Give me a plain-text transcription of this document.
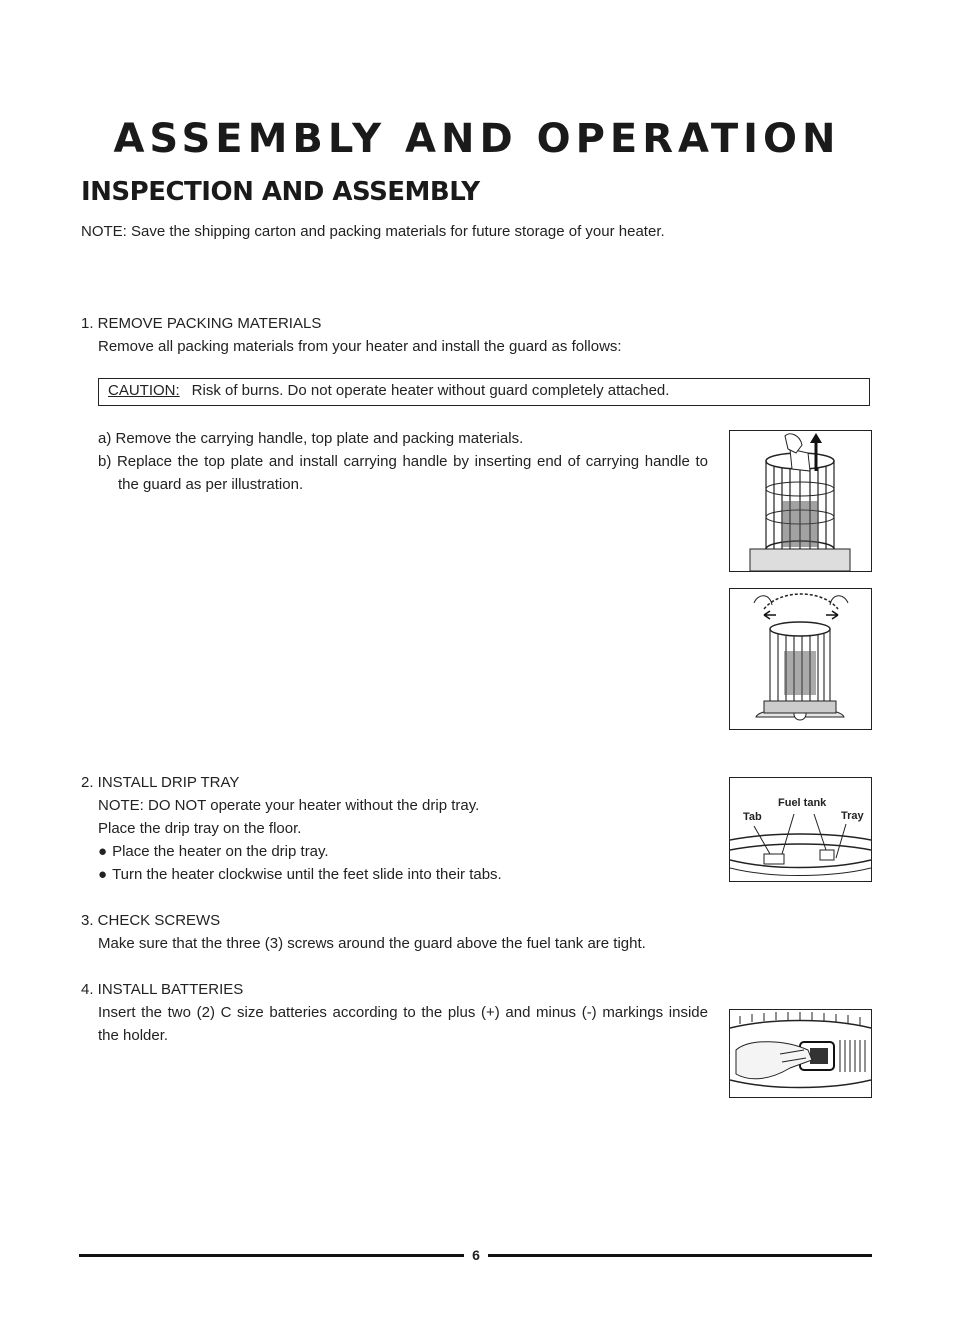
ASSEMBLY AND OPERATION
INSPECTION AND ASSEMBLY
NOTE: Save the shipping carton and packing materials for future storage of your heater.
1. REMOVE PACKING MATERIALS
Remove all packing materials from your heater and install the guard as follows:
CAUTION: Risk of burns. Do not operate heater without guard completely attached.
a) Remove the carrying handle, top plate and packing materials.
b) Replace the top plate and install carrying handle by inserting end of carrying handle to the guard as per illustration.
2. INSTALL DRIP TRAY
NOTE: DO NOT operate your heater without the drip tray.
Place the drip tray on the floor.
● Place the heater on the drip tray.
● Turn the heater clockwise until the feet slide into their tabs.
Fuel tank
Tab	Tray
3. CHECK SCREWS
Make sure that the three (3) screws around the guard above the fuel tank are tight.
4. INSTALL BATTERIES
Insert the two (2) C size batteries according to the plus (+) and minus (-) markings inside the holder.
6
